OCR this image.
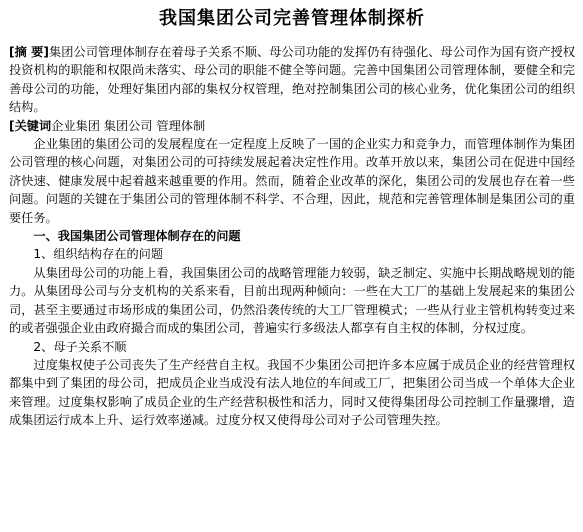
我国集团公司完善管理体制探析

[摘 要]集团公司管理体制存在着母子关系不顺、母公司功能的发挥仍有待强化、母公司作为国有资产授权投资机构的职能和权限尚未落实、母公司的职能不健全等问题。完善中国集团公司管理体制，要健全和完善母公司的功能，处理好集团内部的集权分权管理，绝对控制集团公司的核心业务，优化集团公司的组织结构。

[关键词企业集团 集团公司 管理体制

企业集团的集团公司的发展程度在一定程度上反映了一国的企业实力和竞争力，而管理体制作为集团公司管理的核心问题，对集团公司的可持续发展起着决定性作用。改革开放以来，集团公司在促进中国经济快速、健康发展中起着越来越重要的作用。然而，随着企业改革的深化，集团公司的发展也存在着一些问题。问题的关键在于集团公司的管理体制不科学、不合理，因此，规范和完善管理体制是集团公司的重要任务。

一、我国集团公司管理体制存在的问题
1、组织结构存在的问题

从集团母公司的功能上看，我国集团公司的战略管理能力较弱，缺乏制定、实施中长期战略规划的能力。从集团母公司与分支机构的关系来看，目前出现两种倾向：一些在大工厂的基础上发展起来的集团公司，甚至主要通过市场形成的集团公司，仍然沿袭传统的大工厂管理模式；一些从行业主管机构转变过来的或者强强企业由政府撮合而成的集团公司，普遍实行多级法人都享有自主权的体制，分权过度。

2、母子关系不顺

过度集权使子公司丧失了生产经营自主权。我国不少集团公司把许多本应属于成员企业的经营管理权都集中到了集团的母公司，把成员企业当成没有法人地位的车间或工厂，把集团公司当成一个单体大企业来管理。过度集权影响了成员企业的生产经营积极性和活力，同时又使得集团母公司控制工作量骤增，造成集团运行成本上升、运行效率递减。过度分权又使得母公司对子公司管理失控。
